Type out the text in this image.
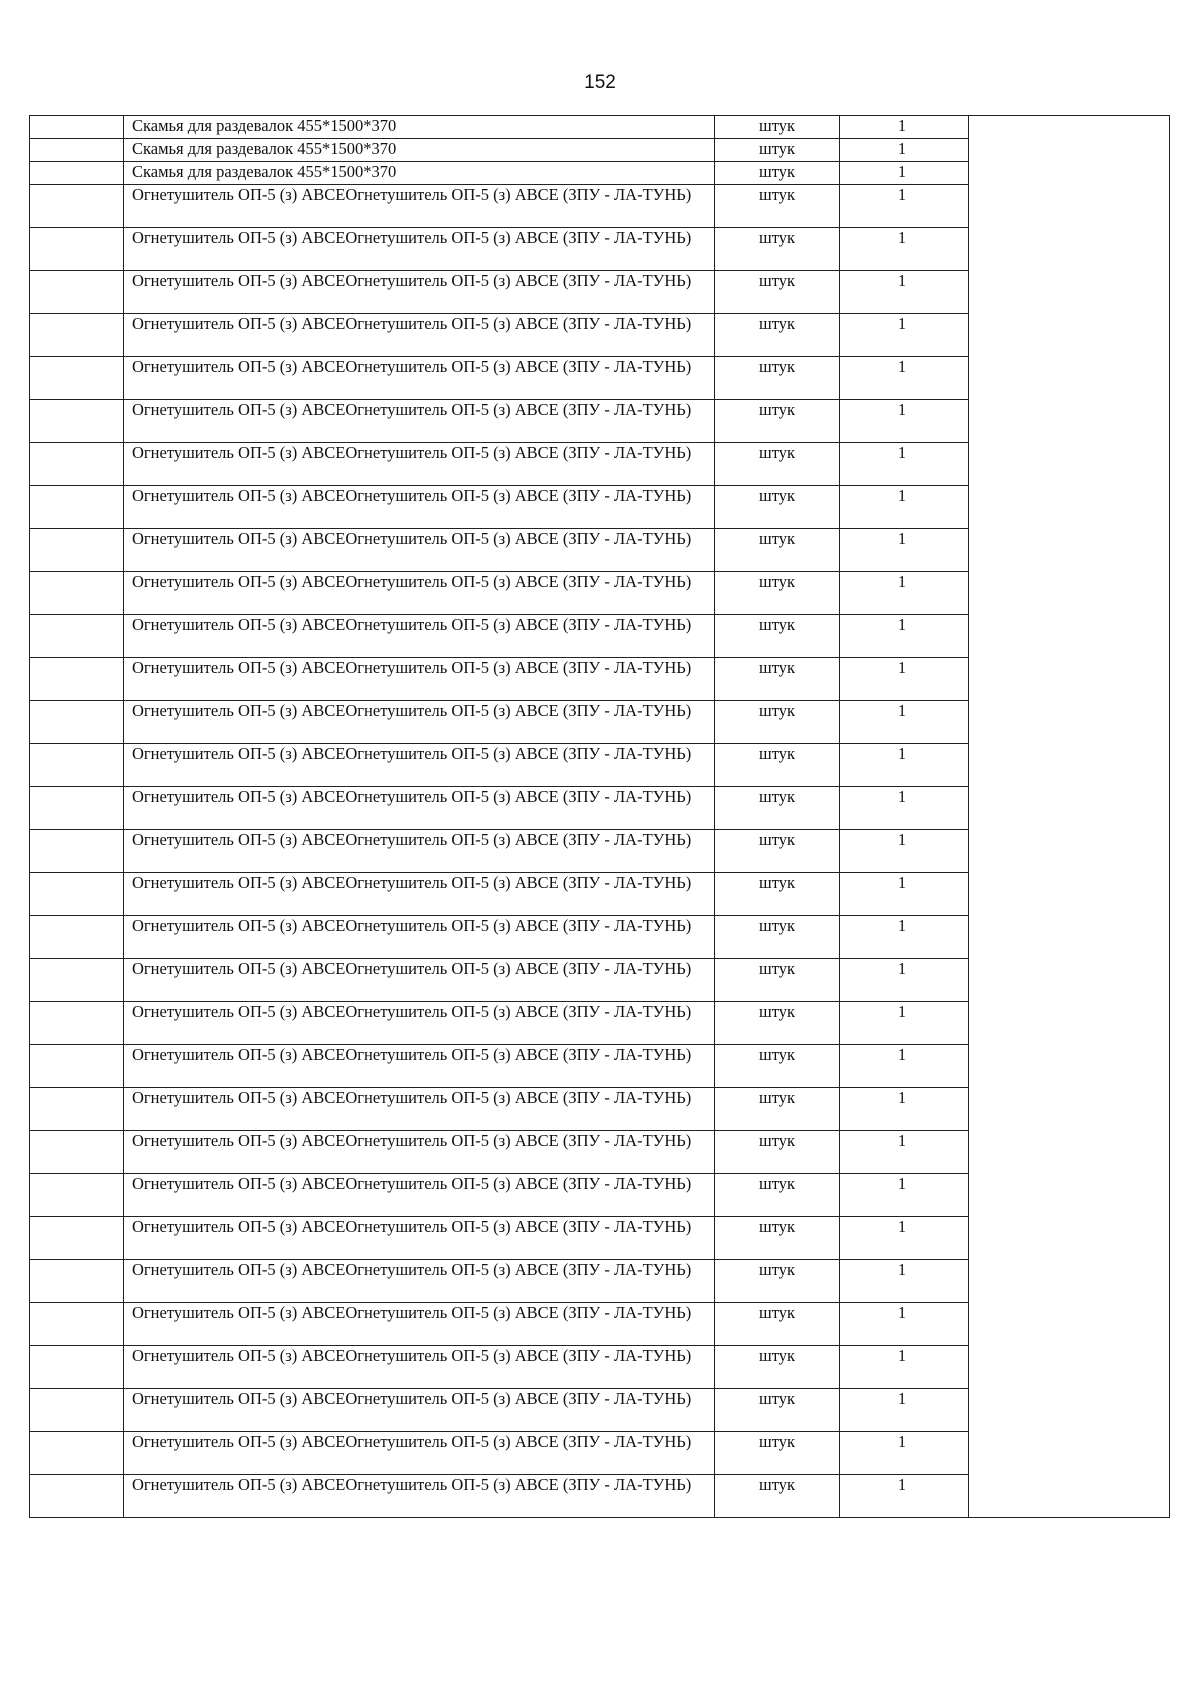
152
	Скамья для раздевалок 455*1500*370	штук	1	
	Скамья для раздевалок 455*1500*370	штук	1	
	Скамья для раздевалок 455*1500*370	штук	1	
	Огнетушитель ОП-5 (з) АВСЕОгнетушитель ОП-5 (з) АВСЕ (ЗПУ - ЛА-ТУНЬ)	штук	1	
	Огнетушитель ОП-5 (з) АВСЕОгнетушитель ОП-5 (з) АВСЕ (ЗПУ - ЛА-ТУНЬ)	штук	1	
	Огнетушитель ОП-5 (з) АВСЕОгнетушитель ОП-5 (з) АВСЕ (ЗПУ - ЛА-ТУНЬ)	штук	1	
	Огнетушитель ОП-5 (з) АВСЕОгнетушитель ОП-5 (з) АВСЕ (ЗПУ - ЛА-ТУНЬ)	штук	1	
	Огнетушитель ОП-5 (з) АВСЕОгнетушитель ОП-5 (з) АВСЕ (ЗПУ - ЛА-ТУНЬ)	штук	1	
	Огнетушитель ОП-5 (з) АВСЕОгнетушитель ОП-5 (з) АВСЕ (ЗПУ - ЛА-ТУНЬ)	штук	1	
	Огнетушитель ОП-5 (з) АВСЕОгнетушитель ОП-5 (з) АВСЕ (ЗПУ - ЛА-ТУНЬ)	штук	1	
	Огнетушитель ОП-5 (з) АВСЕОгнетушитель ОП-5 (з) АВСЕ (ЗПУ - ЛА-ТУНЬ)	штук	1	
	Огнетушитель ОП-5 (з) АВСЕОгнетушитель ОП-5 (з) АВСЕ (ЗПУ - ЛА-ТУНЬ)	штук	1	
	Огнетушитель ОП-5 (з) АВСЕОгнетушитель ОП-5 (з) АВСЕ (ЗПУ - ЛА-ТУНЬ)	штук	1	
	Огнетушитель ОП-5 (з) АВСЕОгнетушитель ОП-5 (з) АВСЕ (ЗПУ - ЛА-ТУНЬ)	штук	1	
	Огнетушитель ОП-5 (з) АВСЕОгнетушитель ОП-5 (з) АВСЕ (ЗПУ - ЛА-ТУНЬ)	штук	1	
	Огнетушитель ОП-5 (з) АВСЕОгнетушитель ОП-5 (з) АВСЕ (ЗПУ - ЛА-ТУНЬ)	штук	1	
	Огнетушитель ОП-5 (з) АВСЕОгнетушитель ОП-5 (з) АВСЕ (ЗПУ - ЛА-ТУНЬ)	штук	1	
	Огнетушитель ОП-5 (з) АВСЕОгнетушитель ОП-5 (з) АВСЕ (ЗПУ - ЛА-ТУНЬ)	штук	1	
	Огнетушитель ОП-5 (з) АВСЕОгнетушитель ОП-5 (з) АВСЕ (ЗПУ - ЛА-ТУНЬ)	штук	1	
	Огнетушитель ОП-5 (з) АВСЕОгнетушитель ОП-5 (з) АВСЕ (ЗПУ - ЛА-ТУНЬ)	штук	1	
	Огнетушитель ОП-5 (з) АВСЕОгнетушитель ОП-5 (з) АВСЕ (ЗПУ - ЛА-ТУНЬ)	штук	1	
	Огнетушитель ОП-5 (з) АВСЕОгнетушитель ОП-5 (з) АВСЕ (ЗПУ - ЛА-ТУНЬ)	штук	1	
	Огнетушитель ОП-5 (з) АВСЕОгнетушитель ОП-5 (з) АВСЕ (ЗПУ - ЛА-ТУНЬ)	штук	1	
	Огнетушитель ОП-5 (з) АВСЕОгнетушитель ОП-5 (з) АВСЕ (ЗПУ - ЛА-ТУНЬ)	штук	1	
	Огнетушитель ОП-5 (з) АВСЕОгнетушитель ОП-5 (з) АВСЕ (ЗПУ - ЛА-ТУНЬ)	штук	1	
	Огнетушитель ОП-5 (з) АВСЕОгнетушитель ОП-5 (з) АВСЕ (ЗПУ - ЛА-ТУНЬ)	штук	1	
	Огнетушитель ОП-5 (з) АВСЕОгнетушитель ОП-5 (з) АВСЕ (ЗПУ - ЛА-ТУНЬ)	штук	1	
	Огнетушитель ОП-5 (з) АВСЕОгнетушитель ОП-5 (з) АВСЕ (ЗПУ - ЛА-ТУНЬ)	штук	1	
	Огнетушитель ОП-5 (з) АВСЕОгнетушитель ОП-5 (з) АВСЕ (ЗПУ - ЛА-ТУНЬ)	штук	1	
	Огнетушитель ОП-5 (з) АВСЕОгнетушитель ОП-5 (з) АВСЕ (ЗПУ - ЛА-ТУНЬ)	штук	1	
	Огнетушитель ОП-5 (з) АВСЕОгнетушитель ОП-5 (з) АВСЕ (ЗПУ - ЛА-ТУНЬ)	штук	1	
	Огнетушитель ОП-5 (з) АВСЕОгнетушитель ОП-5 (з) АВСЕ (ЗПУ - ЛА-ТУНЬ)	штук	1	
	Огнетушитель ОП-5 (з) АВСЕОгнетушитель ОП-5 (з) АВСЕ (ЗПУ - ЛА-ТУНЬ)	штук	1	
	Огнетушитель ОП-5 (з) АВСЕОгнетушитель ОП-5 (з) АВСЕ (ЗПУ - ЛА-ТУНЬ)	штук	1	
